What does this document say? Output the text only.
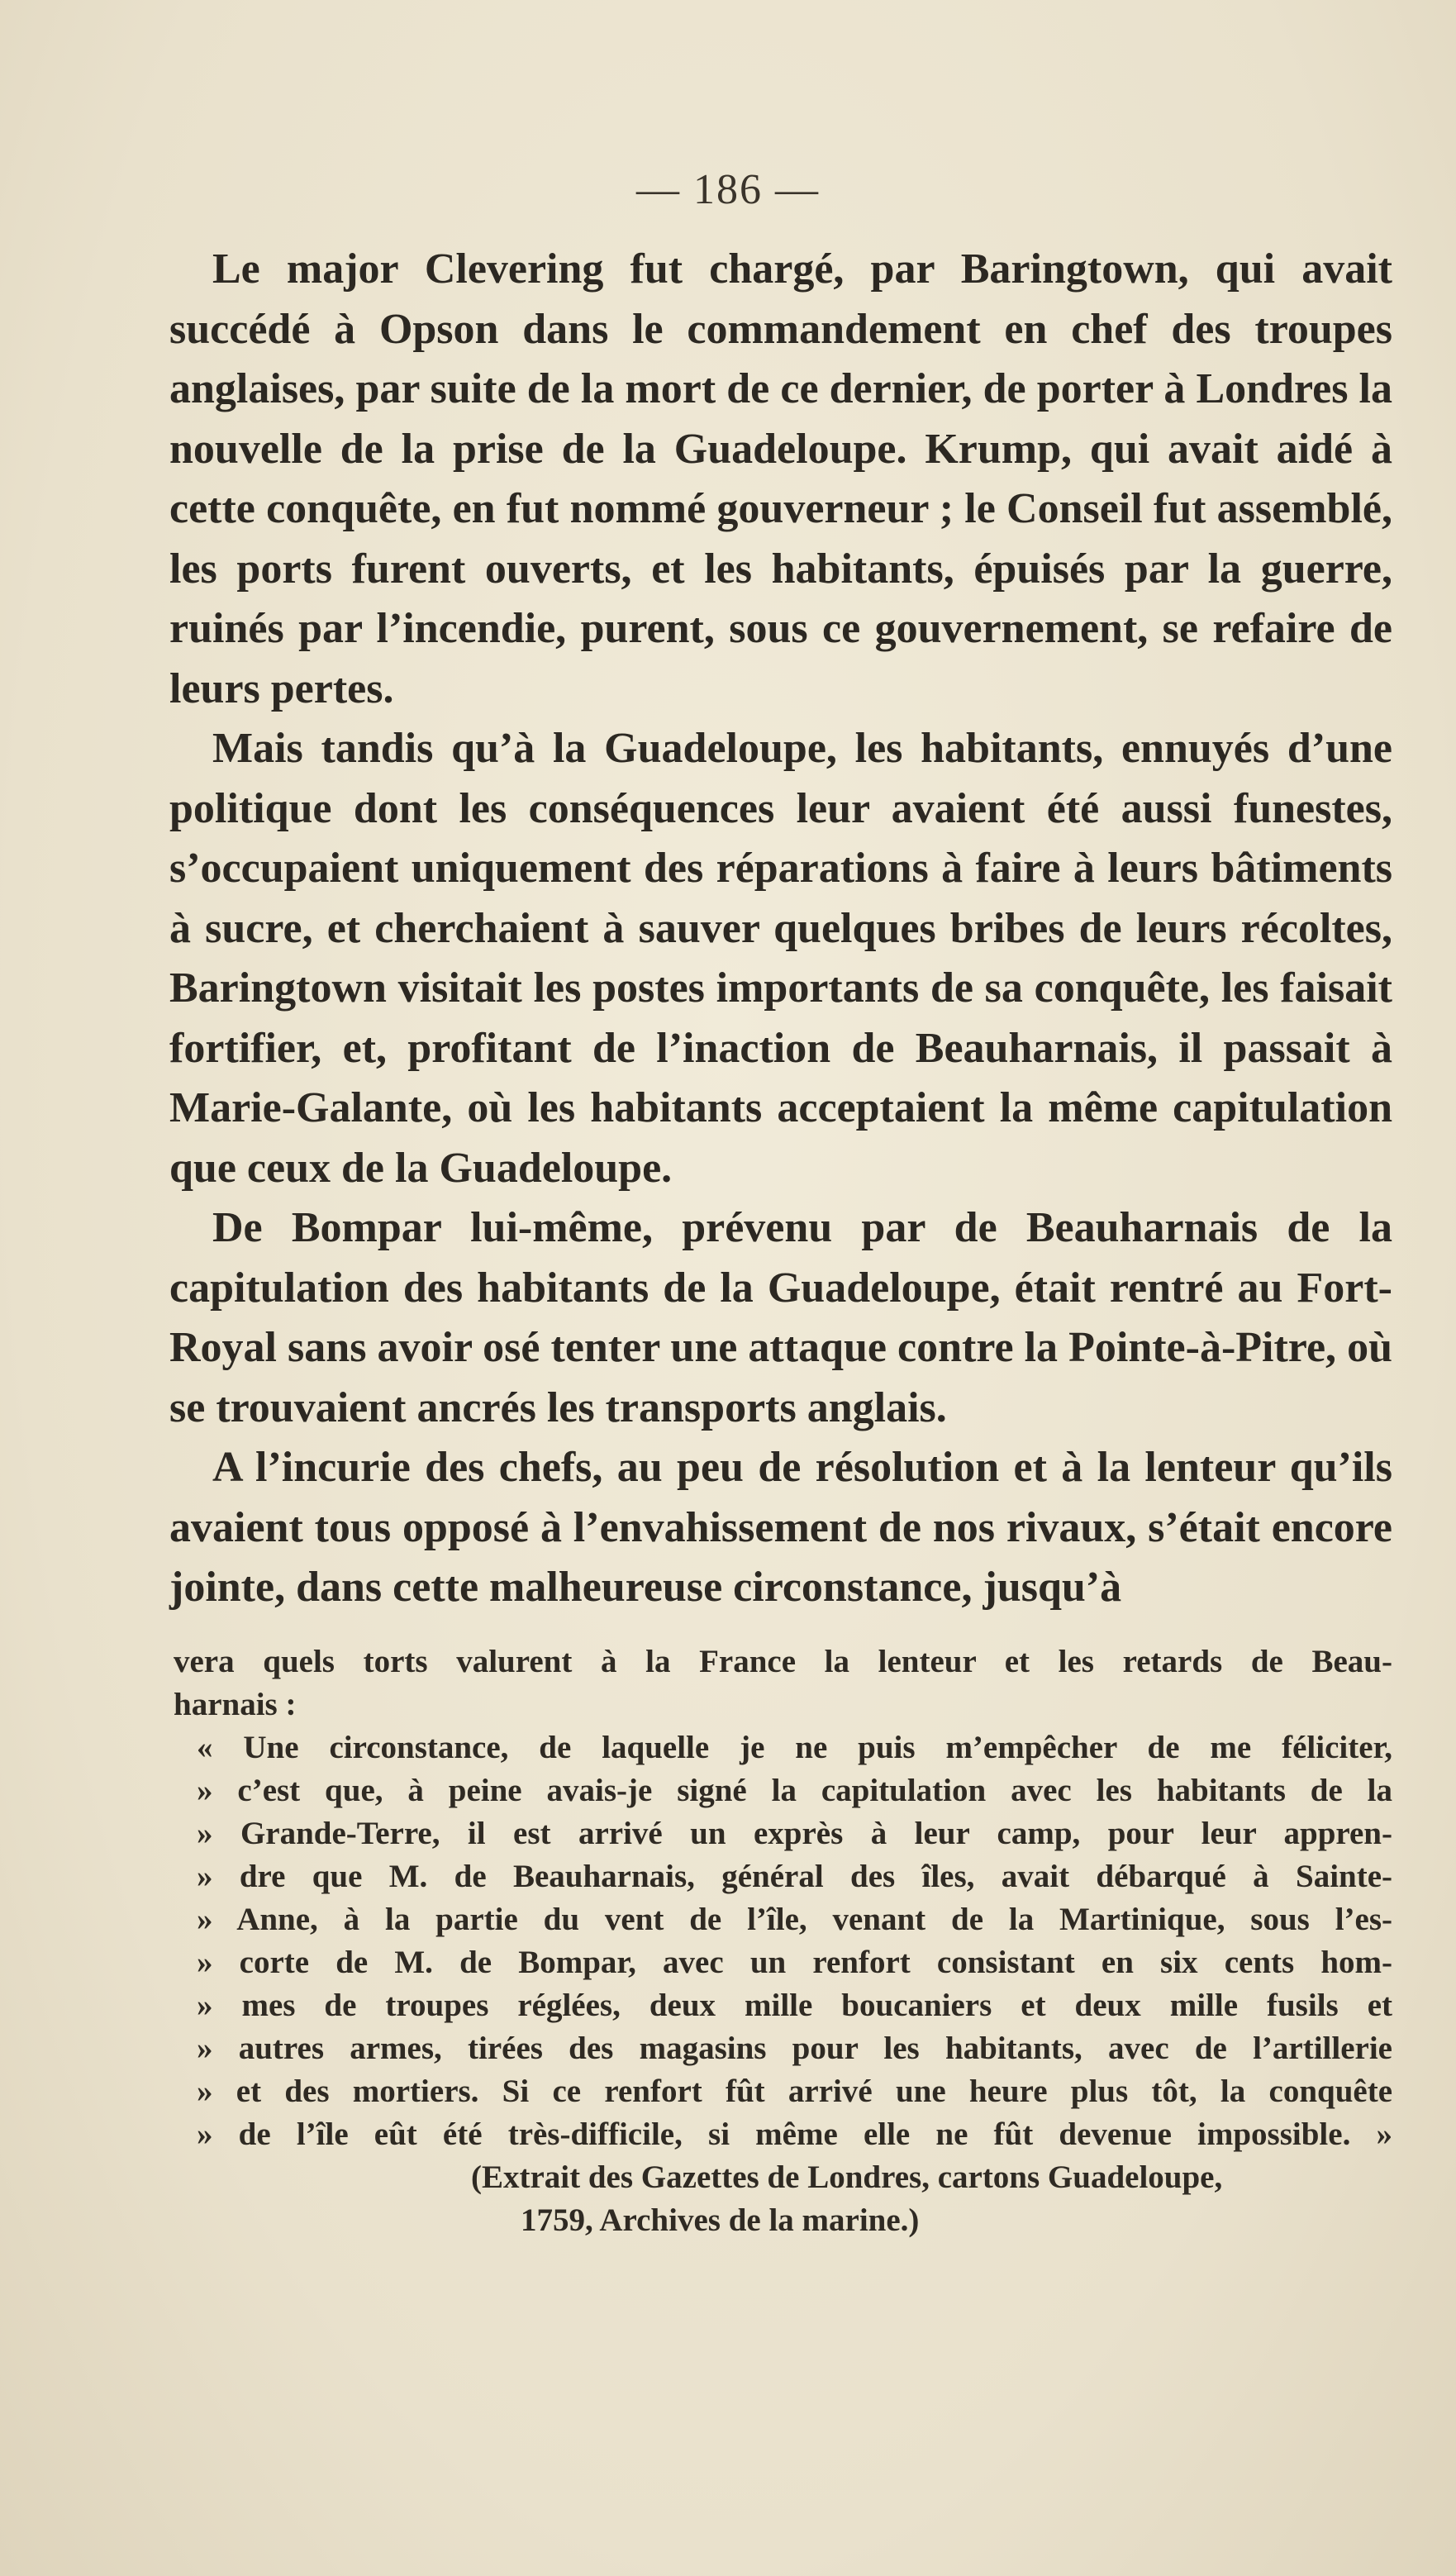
— 186 —

Le major Clevering fut chargé, par Baringtown, qui avait succédé à Opson dans le commandement en chef des troupes anglaises, par suite de la mort de ce dernier, de porter à Londres la nouvelle de la prise de la Guadeloupe. Krump, qui avait aidé à cette conquête, en fut nommé gouverneur ; le Conseil fut assemblé, les ports furent ouverts, et les habitants, épuisés par la guerre, ruinés par l’incendie, purent, sous ce gouvernement, se refaire de leurs pertes.

Mais tandis qu’à la Guadeloupe, les habitants, ennuyés d’une politique dont les conséquences leur avaient été aussi funestes, s’occupaient uniquement des réparations à faire à leurs bâtiments à sucre, et cherchaient à sauver quelques bribes de leurs récoltes, Baringtown visitait les postes importants de sa conquête, les faisait fortifier, et, profitant de l’inaction de Beauharnais, il passait à Marie-Galante, où les habitants acceptaient la même capitulation que ceux de la Guadeloupe.

De Bompar lui-même, prévenu par de Beauharnais de la capitulation des habitants de la Guadeloupe, était rentré au Fort-Royal sans avoir osé tenter une attaque contre la Pointe-à-Pitre, où se trouvaient ancrés les transports anglais.

A l’incurie des chefs, au peu de résolution et à la lenteur qu’ils avaient tous opposé à l’envahissement de nos rivaux, s’était encore jointe, dans cette malheureuse circonstance, jusqu’à

vera quels torts valurent à la France la lenteur et les retards de Beau-
harnais :
« Une circonstance, de laquelle je ne puis m’empêcher de me féliciter,
» c’est que, à peine avais-je signé la capitulation avec les habitants de la
» Grande-Terre, il est arrivé un exprès à leur camp, pour leur appren-
» dre que M. de Beauharnais, général des îles, avait débarqué à Sainte-
» Anne, à la partie du vent de l’île, venant de la Martinique, sous l’es-
» corte de M. de Bompar, avec un renfort consistant en six cents hom-
» mes de troupes réglées, deux mille boucaniers et deux mille fusils et
» autres armes, tirées des magasins pour les habitants, avec de l’artillerie
» et des mortiers. Si ce renfort fût arrivé une heure plus tôt, la conquête
» de l’île eût été très-difficile, si même elle ne fût devenue impossible. »
(Extrait des Gazettes de Londres, cartons Guadeloupe,
1759, Archives de la marine.)
